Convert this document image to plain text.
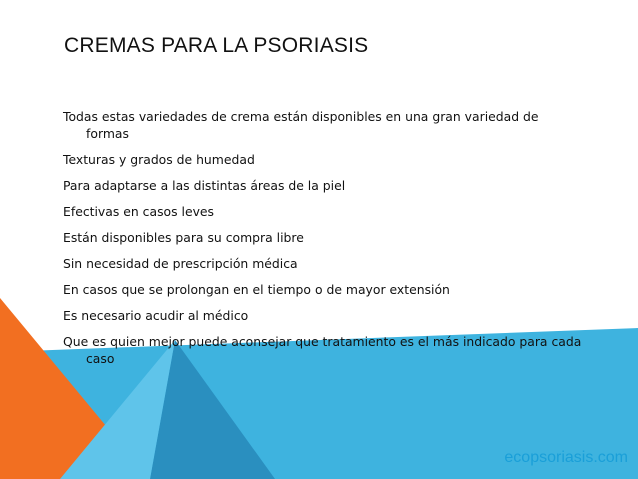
CREMAS PARA LA PSORIASIS
Todas estas variedades de crema están disponibles en una gran variedad de formas
Texturas y grados de humedad
Para adaptarse a las distintas áreas de la piel
Efectivas en casos leves
Están disponibles para su compra libre
Sin necesidad de prescripción médica
En casos que se prolongan en el tiempo o de mayor extensión
Es necesario acudir al médico
Que es quien mejor puede aconsejar que tratamiento es el más indicado para cada caso
ecopsoriasis.com
